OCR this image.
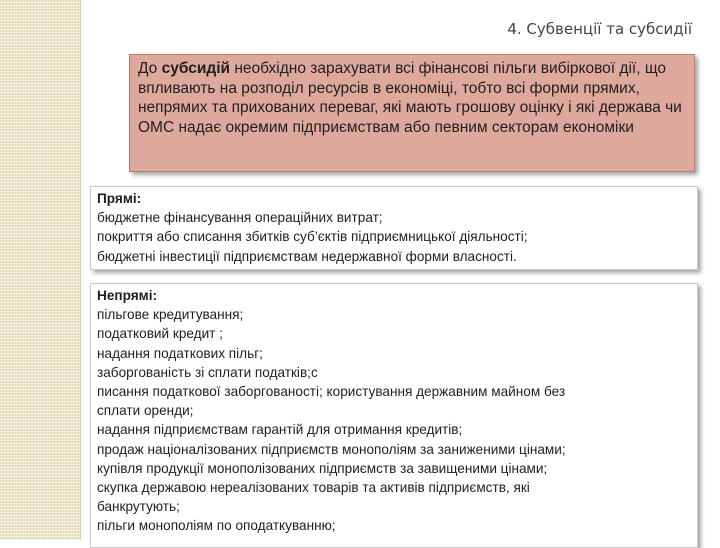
4. Субвенції та субсидії
До субсидій необхідно зарахувати всі фінансові пільги вибіркової дії, що впливають на розподіл ресурсів в економіці, тобто всі форми прямих, непрямих та прихованих переваг, які мають грошову оцінку і які держава чи ОМС надає окремим підприємствам або певним секторам економіки
Прямі:
бюджетне фінансування операційних витрат;
покриття або списання збитків суб’єктів підприємницької діяльності;
бюджетні інвестиції підприємствам недержавної форми власності.
Непрямі:
пільгове кредитування;
податковий кредит ;
надання податкових пільг;
заборгованість зі сплати податків;с
писання податкової заборгованості; користування державним майном без
сплати оренди;
надання підприємствам гарантій для отримання кредитів;
продаж націоналізованих підприємств монополіям за заниженими цінами;
купівля продукції монополізованих підприємств за завищеними цінами;
скупка державою нереалізованих товарів та активів підприємств, які
банкрутують;
пільги монополіям по оподаткуванню;
